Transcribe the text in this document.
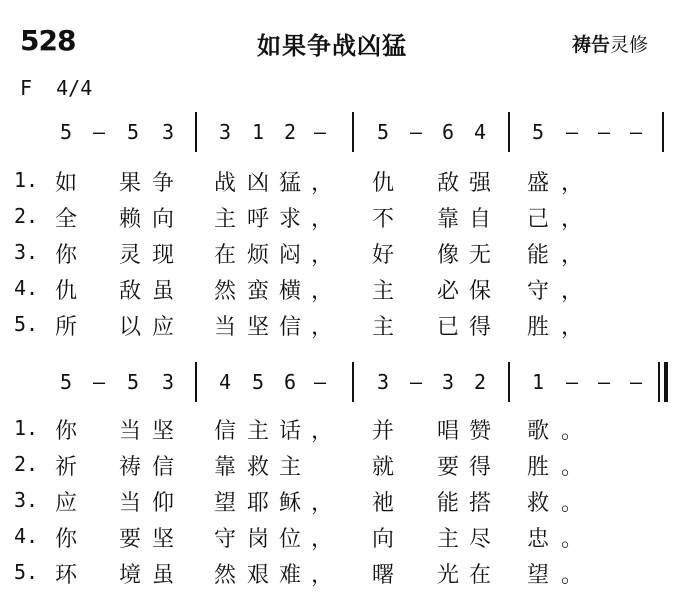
528	如果争战凶猛	祷告灵修
F  4/4
5 — 5 3 3 1 2 —	5 — 6 4 5 — — —
1. 如 果 争 战 凶 猛 ， 仇 敌 强 盛 ，
2. 全 赖 向 主 呼 求 ， 不 靠 自 己 ，
3. 你 灵 现 在 烦 闷 ， 好 像 无 能 ，
4. 仇 敌 虽 然 蛮 横 ， 主 必 保 守 ，
5. 所 以 应 当 坚 信 ， 主 已 得 胜 ，
5 — 5 3 4 5 6 —	3 — 3 2 1 — — —
1. 你 当 坚 信 主 话 ， 并 唱 赞 歌 。
2. 祈 祷 信 靠 救 主	就 要 得 胜 。
3. 应 当 仰 望 耶 稣 ， 祂 能 搭 救 。
4. 你 要 坚 守 岗 位 ， 向 主 尽 忠 。
5. 环 境 虽 然 艰 难 ， 曙 光 在 望 。
